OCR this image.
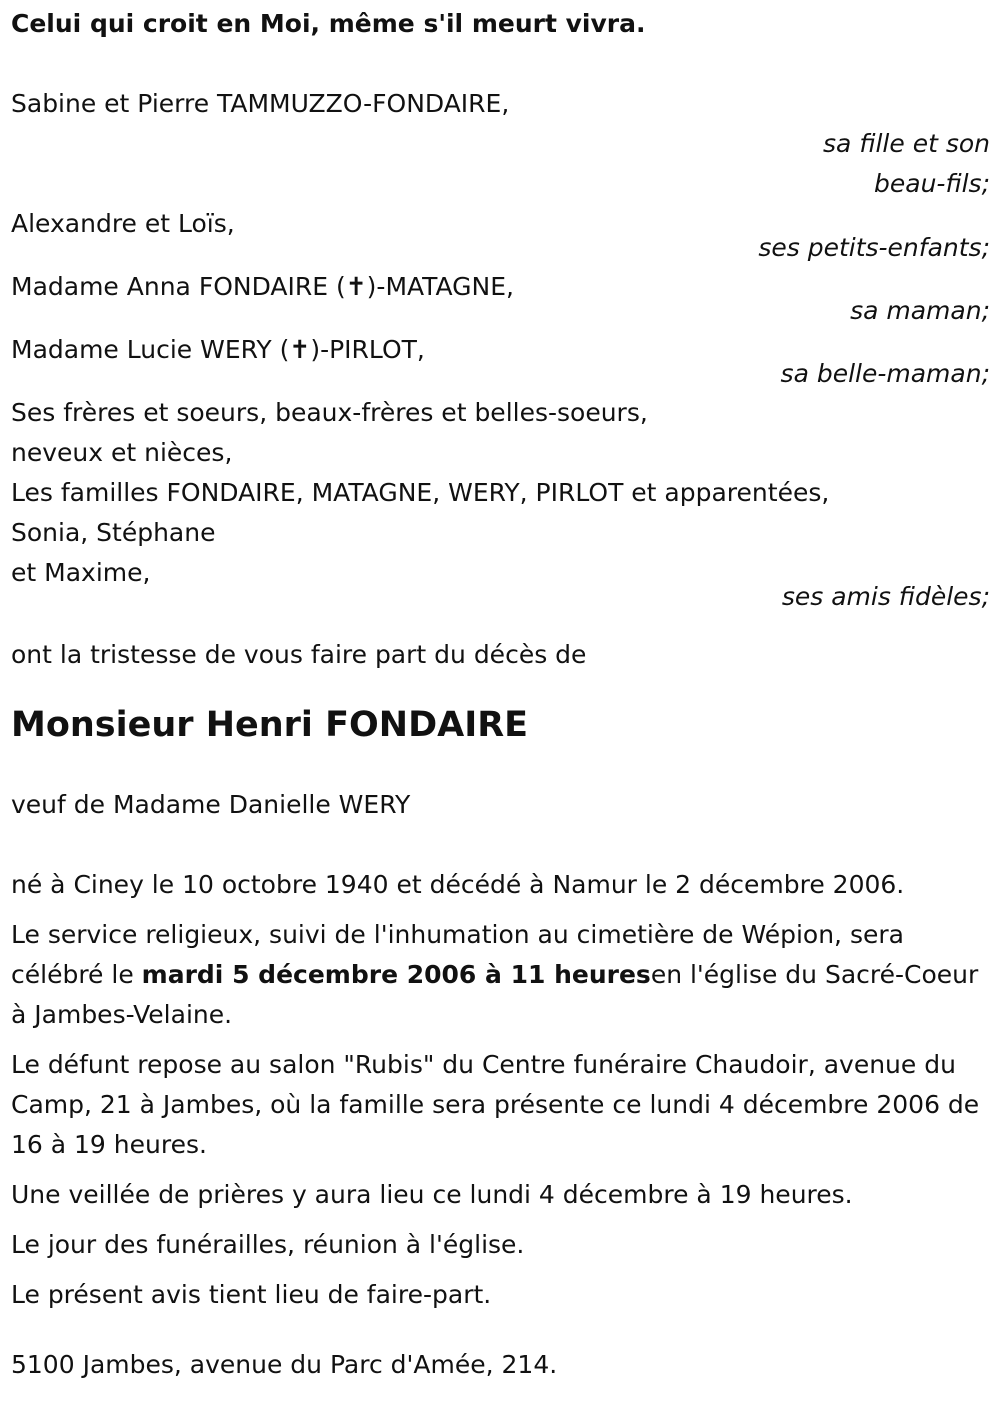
Celui qui croit en Moi, même s'il meurt vivra.

Sabine et Pierre TAMMUZZO-FONDAIRE,

sa fille et son

beau-fils;

Alexandre et Loïs,

ses petits-enfants;

Madame Anna FONDAIRE (✝)-MATAGNE,

sa maman;

Madame Lucie WERY (✝)-PIRLOT,

sa belle-maman;

Ses frères et soeurs, beaux-frères et belles-soeurs,

neveux et nièces,

Les familles FONDAIRE, MATAGNE, WERY, PIRLOT et apparentées,

Sonia, Stéphane

et Maxime,

ses amis fidèles;

ont la tristesse de vous faire part du décès de

Monsieur Henri FONDAIRE

veuf de Madame Danielle WERY

né à Ciney le 10 octobre 1940 et décédé à Namur le 2 décembre 2006.

Le service religieux, suivi de l'inhumation au cimetière de Wépion, sera célébré le mardi 5 décembre 2006 à 11 heuresen l'église du Sacré-Coeur à Jambes-Velaine.

Le défunt repose au salon "Rubis" du Centre funéraire Chaudoir, avenue du Camp, 21 à Jambes, où la famille sera présente ce lundi 4 décembre 2006 de 16 à 19 heures.

Une veillée de prières y aura lieu ce lundi 4 décembre à 19 heures.

Le jour des funérailles, réunion à l'église.

Le présent avis tient lieu de faire-part.

5100 Jambes, avenue du Parc d'Amée, 214.
